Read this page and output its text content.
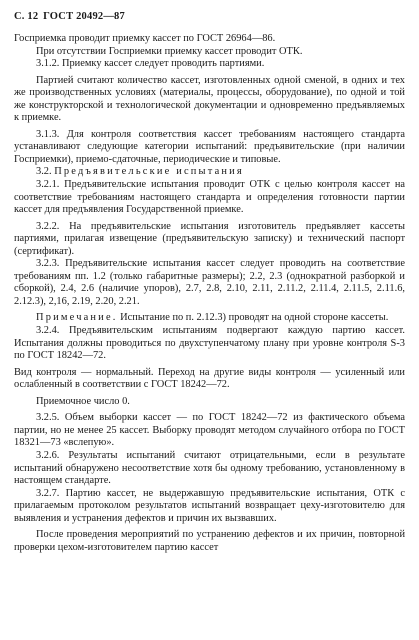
С. 12 ГОСТ 20492—87

Госприемка проводит приемку кассет по ГОСТ 26964—86.

При отсутствии Госприемки приемку кассет проводит ОТК.

3.1.2. Приемку кассет следует проводить партиями.

Партией считают количество кассет, изготовленных одной сменой, в одних и тех же производственных условиях (материалы, процессы, оборудование), по одной и той же конструкторской и технологической документации и одновременно предъявляемых к приемке.

3.1.3. Для контроля соответствия кассет требованиям настоящего стандарта устанавливают следующие категории испытаний: предъявительские (при наличии Госприемки), приемо-сдаточные, периодические и типовые.

3.2. Предъявительские испытания

3.2.1. Предъявительские испытания проводит ОТК с целью контроля кассет на соответствие требованиям настоящего стандарта и определения готовности партии кассет для предъявления Государственной приемке.

3.2.2. На предъявительские испытания изготовитель предъявляет кассеты партиями, прилагая извещение (предъявительскую записку) и технический паспорт (сертификат).

3.2.3. Предъявительские испытания кассет следует проводить на соответствие требованиям пп. 1.2 (только габаритные размеры); 2.2, 2.3 (однократной разборкой и сборкой), 2.4, 2.6 (наличие упоров), 2.7, 2.8, 2.10, 2.11, 2.11.2, 2.11.4, 2.11.5, 2.11.6, 2.12.3), 2,16, 2.19, 2.20, 2.21.

Примечание. Испытание по п. 2.12.3) проводят на одной стороне кассеты.

3.2.4. Предъявительским испытаниям подвергают каждую партию кассет. Испытания должны проводиться по двухступенчатому плану при уровне контроля S-3 по ГОСТ 18242—72.

Вид контроля — нормальный. Переход на другие виды контроля — усиленный или ослабленный в соответствии с ГОСТ 18242—72.

Приемочное число 0.

3.2.5. Объем выборки кассет — по ГОСТ 18242—72 из фактического объема партии, но не менее 25 кассет. Выборку проводят методом случайного отбора по ГОСТ 18321—73 «вслепую».

3.2.6. Результаты испытаний считают отрицательными, если в результате испытаний обнаружено несоответствие хотя бы одному требованию, установленному в настоящем стандарте.

3.2.7. Партию кассет, не выдержавшую предъявительские испытания, ОТК с прилагаемым протоколом результатов испытаний возвращает цеху-изготовителю для выявления и устранения дефектов и причин их вызвавших.

После проведения мероприятий по устранению дефектов и их причин, повторной проверки цехом-изготовителем партию кассет
